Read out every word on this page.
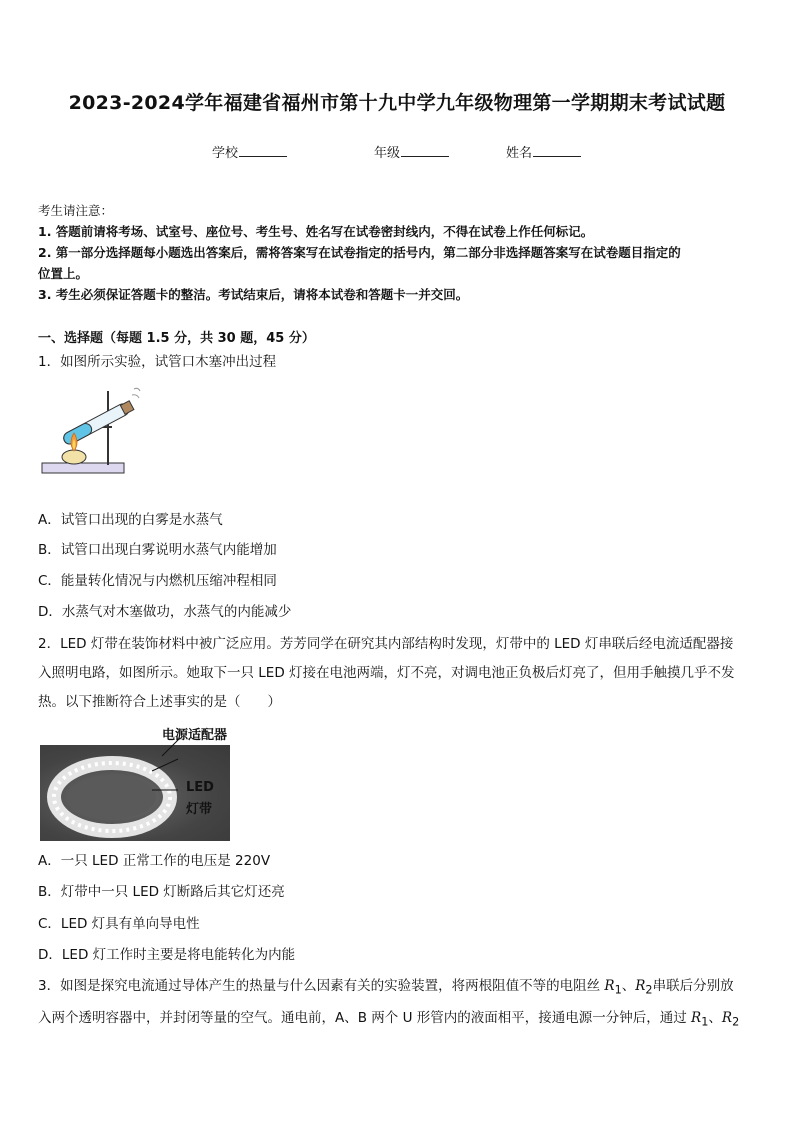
2023-2024学年福建省福州市第十九中学九年级物理第一学期期末考试试题
学校	年级	姓名
考生请注意：
1. 答题前请将考场、试室号、座位号、考生号、姓名写在试卷密封线内，不得在试卷上作任何标记。
2. 第一部分选择题每小题选出答案后，需将答案写在试卷指定的括号内，第二部分非选择题答案写在试卷题目指定的
位置上。
3. 考生必须保证答题卡的整洁。考试结束后，请将本试卷和答题卡一并交回。
一、选择题（每题 1.5 分，共 30 题，45 分）
1．如图所示实验，试管口木塞冲出过程
A．试管口出现的白雾是水蒸气
B．试管口出现白雾说明水蒸气内能增加
C．能量转化情况与内燃机压缩冲程相同
D．水蒸气对木塞做功，水蒸气的内能减少
2．LED 灯带在装饰材料中被广泛应用。芳芳同学在研究其内部结构时发现，灯带中的 LED 灯串联后经电流适配器接
入照明电路，如图所示。她取下一只 LED 灯接在电池两端，灯不亮，对调电池正负极后灯亮了，但用手触摸几乎不发
热。以下推断符合上述事实的是（　　）
电源适配器
LED
灯带
A．一只 LED 正常工作的电压是 220V
B．灯带中一只 LED 灯断路后其它灯还亮
C．LED 灯具有单向导电性
D．LED 灯工作时主要是将电能转化为内能
3．如图是探究电流通过导体产生的热量与什么因素有关的实验装置，将两根阻值不等的电阻丝 $R_1$、$R_2$串联后分别放
入两个透明容器中，并封闭等量的空气。通电前，A、B 两个 U 形管内的液面相平，接通电源一分钟后，通过 $R_1$、$R_2$
